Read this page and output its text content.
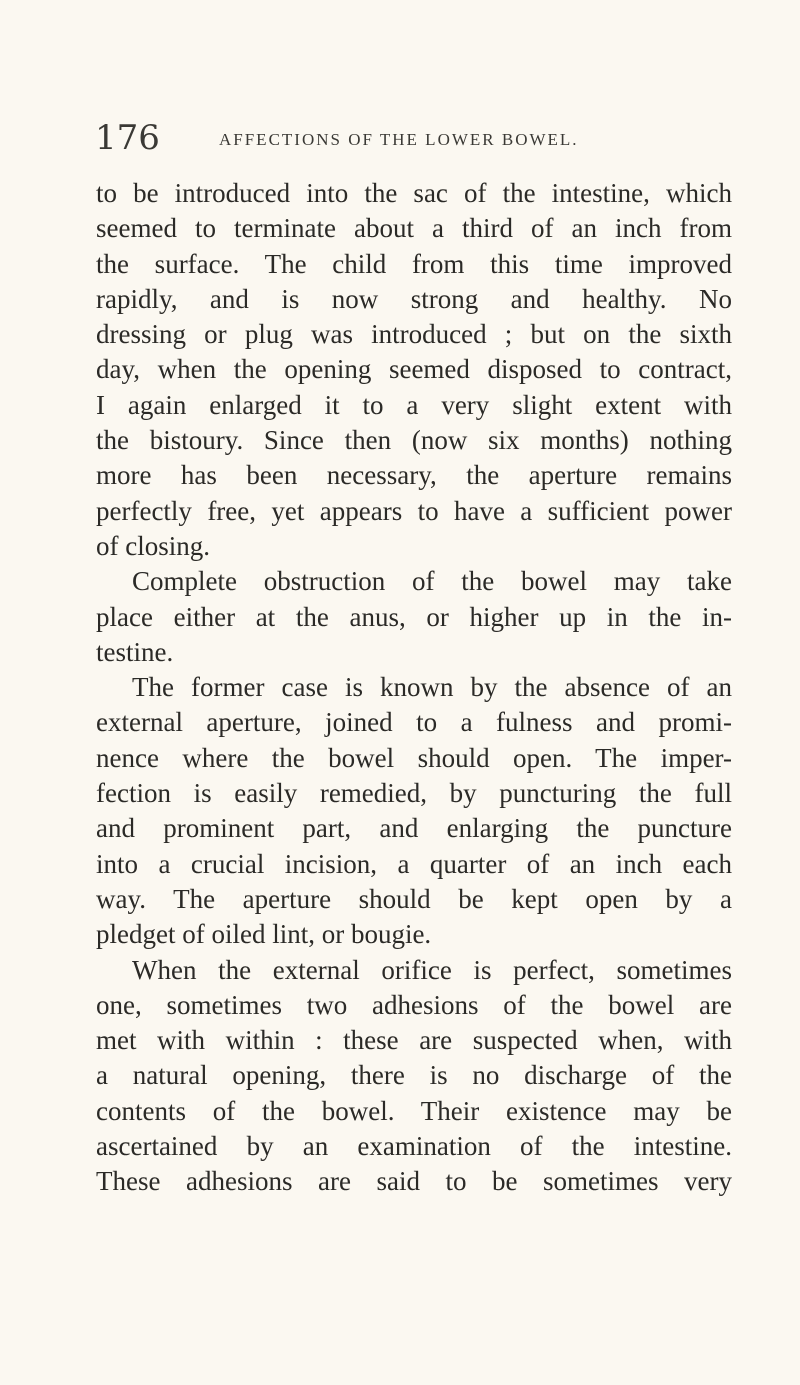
176	AFFECTIONS OF THE LOWER BOWEL.
to be introduced into the sac of the intestine, which
seemed to terminate about a third of an inch from
the surface. The child from this time improved
rapidly, and is now strong and healthy. No
dressing or plug was introduced ; but on the sixth
day, when the opening seemed disposed to contract,
I again enlarged it to a very slight extent with
the bistoury. Since then (now six months) nothing
more has been necessary, the aperture remains
perfectly free, yet appears to have a sufficient power
of closing.
Complete obstruction of the bowel may take
place either at the anus, or higher up in the in-
testine.
The former case is known by the absence of an
external aperture, joined to a fulness and promi-
nence where the bowel should open. The imper-
fection is easily remedied, by puncturing the full
and prominent part, and enlarging the puncture
into a crucial incision, a quarter of an inch each
way. The aperture should be kept open by a
pledget of oiled lint, or bougie.
When the external orifice is perfect, sometimes
one, sometimes two adhesions of the bowel are
met with within : these are suspected when, with
a natural opening, there is no discharge of the
contents of the bowel. Their existence may be
ascertained by an examination of the intestine.
These adhesions are said to be sometimes very
